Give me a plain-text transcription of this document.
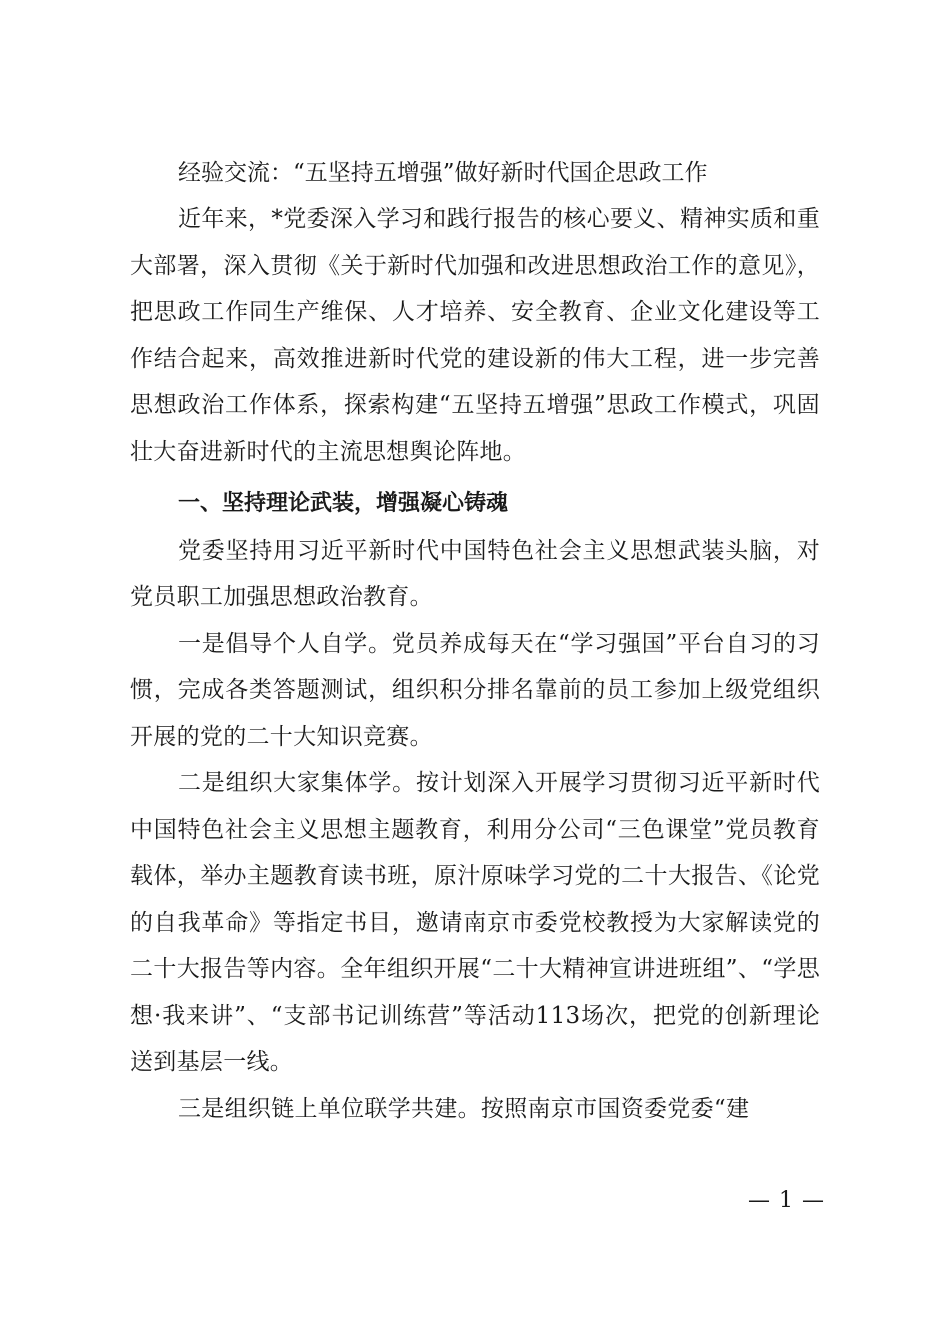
经验交流：“五坚持五增强”做好新时代国企思政工作

近年来，*党委深入学习和践行报告的核心要义、精神实质和重大部署，深入贯彻《关于新时代加强和改进思想政治工作的意见》，把思政工作同生产维保、人才培养、安全教育、企业文化建设等工作结合起来，高效推进新时代党的建设新的伟大工程，进一步完善思想政治工作体系，探索构建“五坚持五增强”思政工作模式，巩固壮大奋进新时代的主流思想舆论阵地。

一、坚持理论武装，增强凝心铸魂

党委坚持用习近平新时代中国特色社会主义思想武装头脑，对党员职工加强思想政治教育。

一是倡导个人自学。党员养成每天在“学习强国”平台自习的习惯，完成各类答题测试，组织积分排名靠前的员工参加上级党组织开展的党的二十大知识竞赛。

二是组织大家集体学。按计划深入开展学习贯彻习近平新时代中国特色社会主义思想主题教育，利用分公司“三色课堂”党员教育载体，举办主题教育读书班，原汁原味学习党的二十大报告、《论党的自我革命》等指定书目，邀请南京市委党校教授为大家解读党的二十大报告等内容。全年组织开展“二十大精神宣讲进班组”、“学思想·我来讲”、“支部书记训练营”等活动113场次，把党的创新理论送到基层一线。

三是组织链上单位联学共建。按照南京市国资委党委“建

— 1 —
